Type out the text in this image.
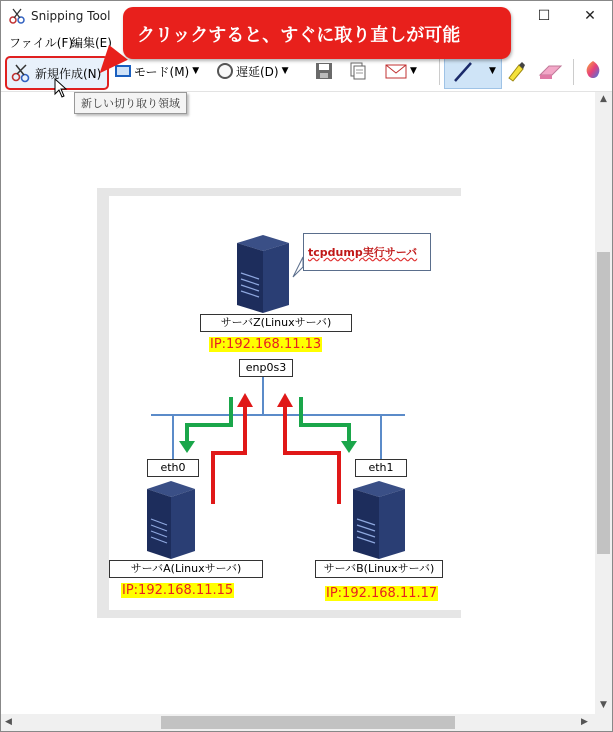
Snipping Tool	☐	✕
ファイル(F)
編集(E)
新規作成(N)	モード(M) ▼	遅延(D) ▼	▼	▼
tcpdump実行サーバ
サーバZ(Linuxサーバ)
IP:192.168.11.13
enp0s3
eth0	eth1
サーバA(Linuxサーバ)
IP:192.168.11.15
サーバB(Linuxサーバ)
IP:192.168.11.17
新しい切り取り領域
クリックすると、すぐに取り直しが可能
▲
▼
◀	▶
